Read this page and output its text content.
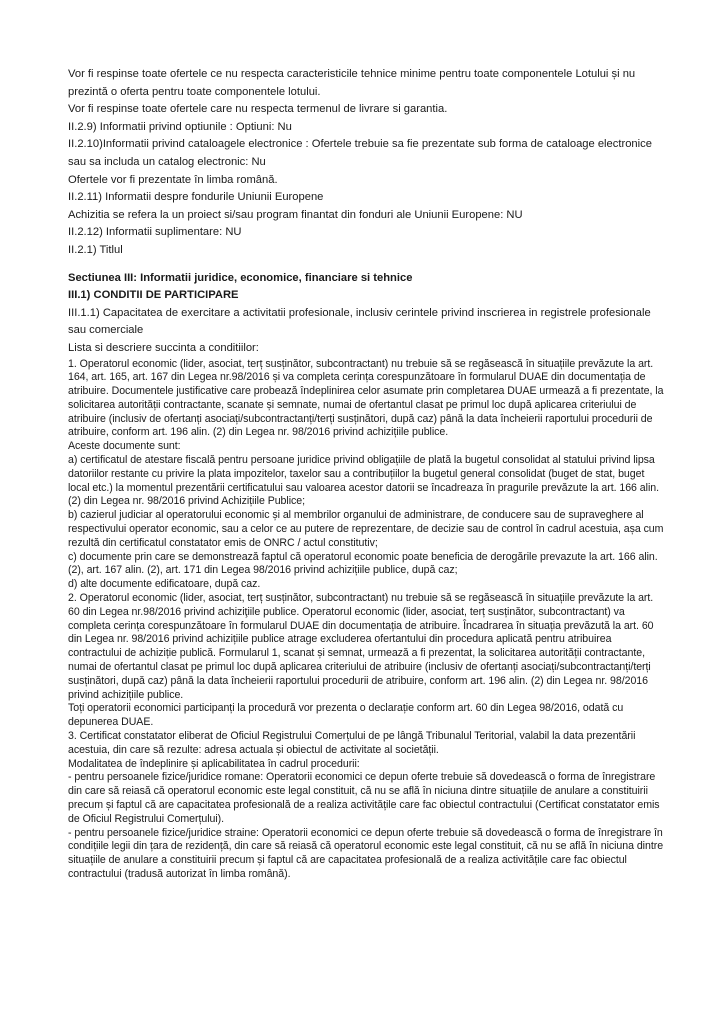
Vor fi respinse toate ofertele ce nu respecta caracteristicile tehnice minime pentru toate componentele Lotului și nu prezintă o oferta pentru toate componentele lotului.

Vor fi respinse toate ofertele care nu respecta termenul de livrare si garantia.

II.2.9) Informatii privind optiunile : Optiuni: Nu

II.2.10)Informatii privind cataloagele electronice : Ofertele trebuie sa fie prezentate sub forma de cataloage electronice sau sa includa un catalog electronic: Nu

Ofertele vor fi prezentate în limba română.

II.2.11) Informatii despre fondurile Uniunii Europene

Achizitia se refera la un proiect si/sau program finantat din fonduri ale Uniunii Europene: NU

II.2.12) Informatii suplimentare: NU

II.2.1) Titlul

Sectiunea III: Informatii juridice, economice, financiare si tehnice

III.1) CONDITII DE PARTICIPARE

III.1.1) Capacitatea de exercitare a activitatii profesionale, inclusiv cerintele privind inscrierea in registrele profesionale sau comerciale

Lista si descriere succinta a conditiilor:

1. Operatorul economic (lider, asociat, terț susținător, subcontractant) nu trebuie să se regăsească în situațiile prevăzute la art. 164, art. 165, art. 167 din Legea nr.98/2016 și va completa cerința corespunzătoare în formularul DUAE din documentația de atribuire. Documentele justificative care probează îndeplinirea celor asumate prin completarea DUAE urmează a fi prezentate, la solicitarea autorității contractante, scanate și semnate, numai de ofertantul clasat pe primul loc după aplicarea criteriului de atribuire (inclusiv de ofertanți asociați/subcontractanți/terți susținători, după caz) până la data încheierii raportului procedurii de atribuire, conform art. 196 alin. (2) din Legea nr. 98/2016 privind achizițiile publice.

Aceste documente sunt:

a) certificatul de atestare fiscală pentru persoane juridice privind obligațiile de plată la bugetul consolidat al statului privind lipsa datoriilor restante cu privire la plata impozitelor, taxelor sau a contribuțiilor la bugetul general consolidat (buget de stat, buget local etc.) la momentul prezentării certificatului sau valoarea acestor datorii se încadreaza în pragurile prevăzute la art. 166 alin. (2) din Legea nr. 98/2016 privind Achizițiile Publice;

b) cazierul judiciar al operatorului economic și al membrilor organului de administrare, de conducere sau de supraveghere al respectivului operator economic, sau a celor ce au putere de reprezentare, de decizie sau de control în cadrul acestuia, așa cum rezultă din certificatul constatator emis de ONRC / actul constitutiv;

c) documente prin care se demonstrează faptul că operatorul economic poate beneficia de derogările prevazute la art. 166 alin. (2), art. 167 alin. (2), art. 171 din Legea 98/2016 privind achizițiile publice, după caz;

d) alte documente edificatoare, după caz.

2. Operatorul economic (lider, asociat, terț susținător, subcontractant) nu trebuie să se regăsească în situațiile prevăzute la art. 60 din Legea nr.98/2016 privind achiziţiile publice. Operatorul economic (lider, asociat, terț susținător, subcontractant) va completa cerința corespunzătoare în formularul DUAE din documentația de atribuire. Încadrarea în situația prevăzută la art. 60 din Legea nr. 98/2016 privind achizițiile publice atrage excluderea ofertantului din procedura aplicată pentru atribuirea contractului de achiziție publică. Formularul 1, scanat și semnat, urmează a fi prezentat, la solicitarea autorității contractante, numai de ofertantul clasat pe primul loc după aplicarea criteriului de atribuire (inclusiv de ofertanți asociați/subcontractanți/terți susținători, după caz) până la data încheierii raportului procedurii de atribuire, conform art. 196 alin. (2) din Legea nr. 98/2016 privind achizițiile publice.

Toți operatorii economici participanți la procedură vor prezenta o declarație conform art. 60 din Legea 98/2016, odată cu depunerea DUAE.

3. Certificat constatator eliberat de Oficiul Registrului Comerțului de pe lângă Tribunalul Teritorial, valabil la data prezentării acestuia, din care să rezulte: adresa actuala și obiectul de activitate al societății.

Modalitatea de îndeplinire și aplicabilitatea în cadrul procedurii:

- pentru persoanele fizice/juridice romane: Operatorii economici ce depun oferte trebuie să dovedească o forma de înregistrare din care să reiasă că operatorul economic este legal constituit, că nu se află în niciuna dintre situațiile de anulare a constituirii precum și faptul că are capacitatea profesională de a realiza activitățile care fac obiectul contractului (Certificat constatator emis de Oficiul Registrului Comerțului).

- pentru persoanele fizice/juridice straine: Operatorii economici ce depun oferte trebuie să dovedească o forma de înregistrare în condițiile legii din țara de rezidență, din care să reiasă că operatorul economic este legal constituit, că nu se află în niciuna dintre situațiile de anulare a constituirii precum și faptul că are capacitatea profesională de a realiza activitățile care fac obiectul contractului (tradusă autorizat în limba română).
